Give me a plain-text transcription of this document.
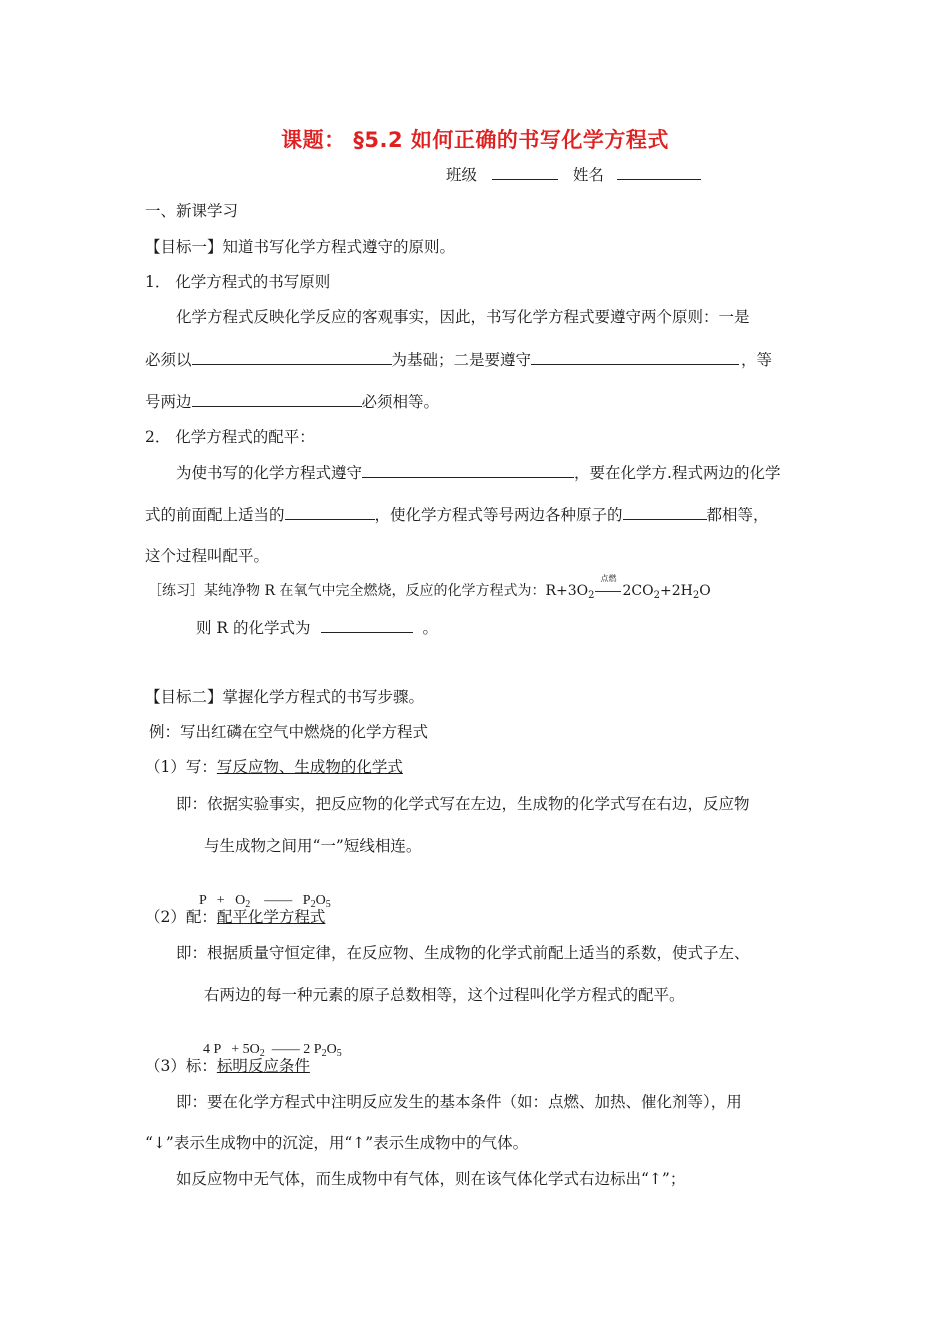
课题： §5.2 如何正确的书写化学方程式
班级	姓名
一、新课学习
【目标一】知道书写化学方程式遵守的原则。
1． 化学方程式的书写原则
化学方程式反映化学反应的客观事实，因此，书写化学方程式要遵守两个原则：一是
必须以	为基础；二是要遵守	，等
号两边	必须相等。
2． 化学方程式的配平：
为使书写的化学方程式遵守	，要在化学方.程式两边的化学
式的前面配上适当的	，使化学方程式等号两边各种原子的	都相等，
这个过程叫配平。
［练习］某纯净物 R 在氧气中完全燃烧，反应的化学方程式为：$R+3O_2$
点燃
$2CO_2+2H_2O$
则 R 的化学式为	。
【目标二】掌握化学方程式的书写步骤。
例：写出红磷在空气中燃烧的化学方程式
（1）写：写反应物、生成物的化学式
即：依据实验事实，把反应物的化学式写在左边，生成物的化学式写在右边，反应物
与生成物之间用“一”短线相连。

$P + O_2$    ——   $P_2O_5$

（2）配：配平化学方程式
即：根据质量守恒定律，在反应物、生成物的化学式前配上适当的系数，使式子左、
右两边的每一种元素的原子总数相等，这个过程叫化学方程式的配平。

4 $P + 5O_2$  —— 2 $P_2O_5$

（3）标：标明反应条件
即：要在化学方程式中注明反应发生的基本条件（如：点燃、加热、催化剂等），用
“↓”表示生成物中的沉淀，用“↑”表示生成物中的气体。
如反应物中无气体，而生成物中有气体，则在该气体化学式右边标出“↑”；
